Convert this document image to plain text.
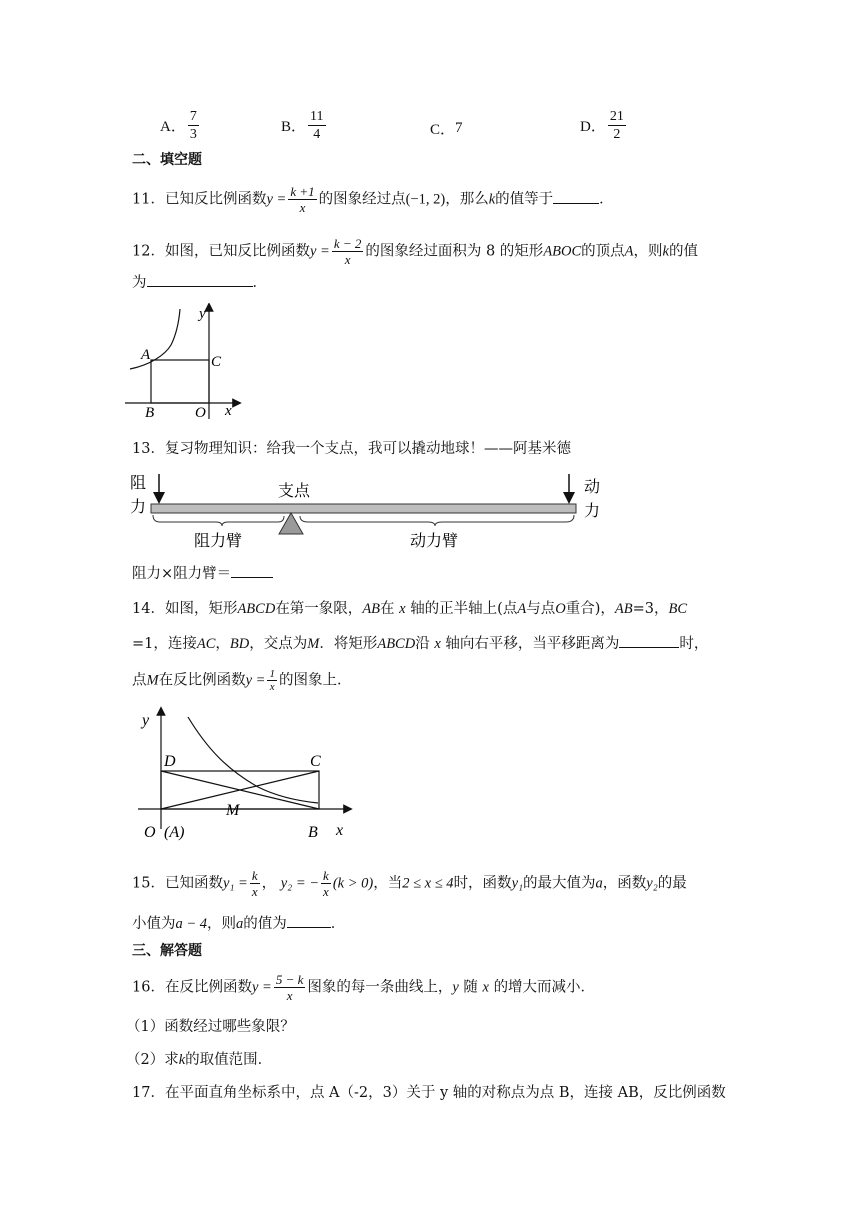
A． $\frac{7}{3}$	B． $\frac{11}{4}$	C． 7	D． $\frac{21}{2}$
二、填空题
11．已知反比例函数$y = \frac{k +1}{x}$ 的图象经过点(−1, 2)，那么k的值等于	．
12．如图，已知反比例函数$y = \frac{k - 2}{x}$ 的图象经过面积为 8 的矩形ABOC的顶点A，则k的值
为	．
y
A	C
B	O x
13．复习物理知识：给我一个支点，我可以撬动地球！——阿基米德
阻
力
支点	动
力
阻力臂	动力臂
阻力×阻力臂＝
14．如图，矩形ABCD在第一象限，AB在 x 轴的正半轴上(点A与点O重合)，AB=3，BC
=1，连接AC，BD，交点为M．将矩形ABCD沿 x 轴向右平移，当平移距离为	时，
点M在反比例函数$y = \frac{1}{x}$ 的图象上．
y
D	C
M
O (A)	B x
15．已知函数$y_1 = \frac{k}{x}$ ， y₂ = − $\frac{k}{x} (k > 0)$，当2 ≤ x ≤ 4时，函数y₁的最大值为a，函数y₂的最
小值为a − 4，则a的值为	．
三、解答题
16．在反比例函数$y = \frac{5 - k}{x}$ 图象的每一条曲线上，y 随 x 的增大而减小．
（1）函数经过哪些象限？
（2）求k的取值范围．
17．在平面直角坐标系中，点 A（-2，3）关于 y 轴的对称点为点 B，连接 AB，反比例函数
